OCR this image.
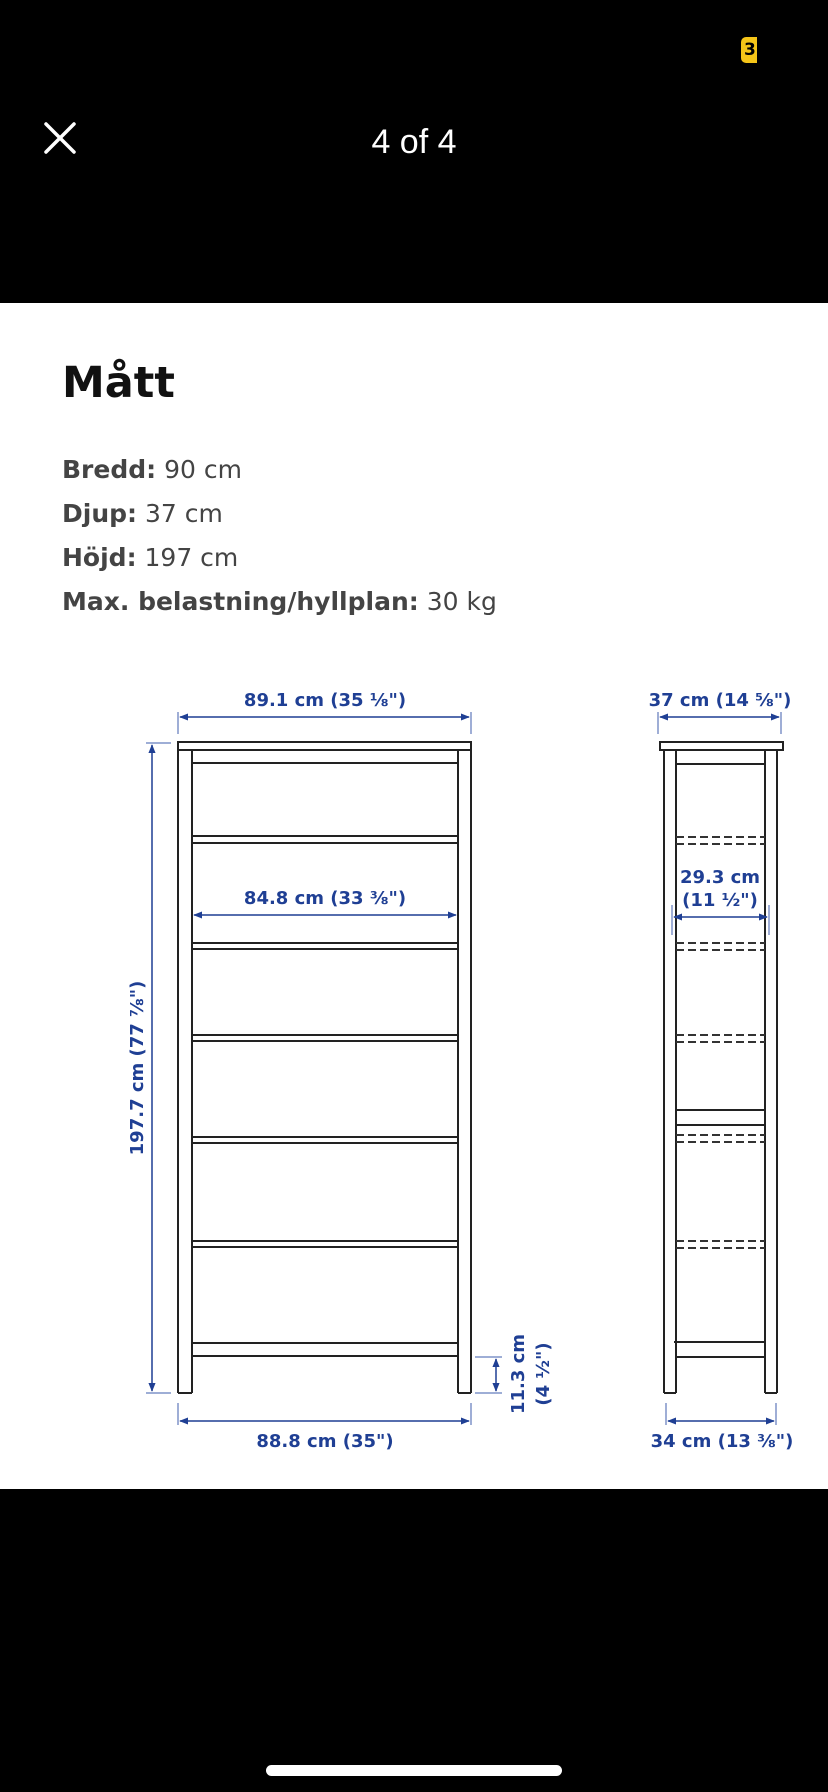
3
4 of 4
Mått
Bredd: 90 cm
Djup: 37 cm
Höjd: 197 cm
Max. belastning/hyllplan: 30 kg
89.1 cm (35 ⅛")
84.8 cm (33 ⅜")
88.8 cm (35")
197.7 cm (77 ⅞")
11.3 cm (4 ½")
37 cm (14 ⅝")
29.3 cm
(11 ½")
34 cm (13 ⅜")
